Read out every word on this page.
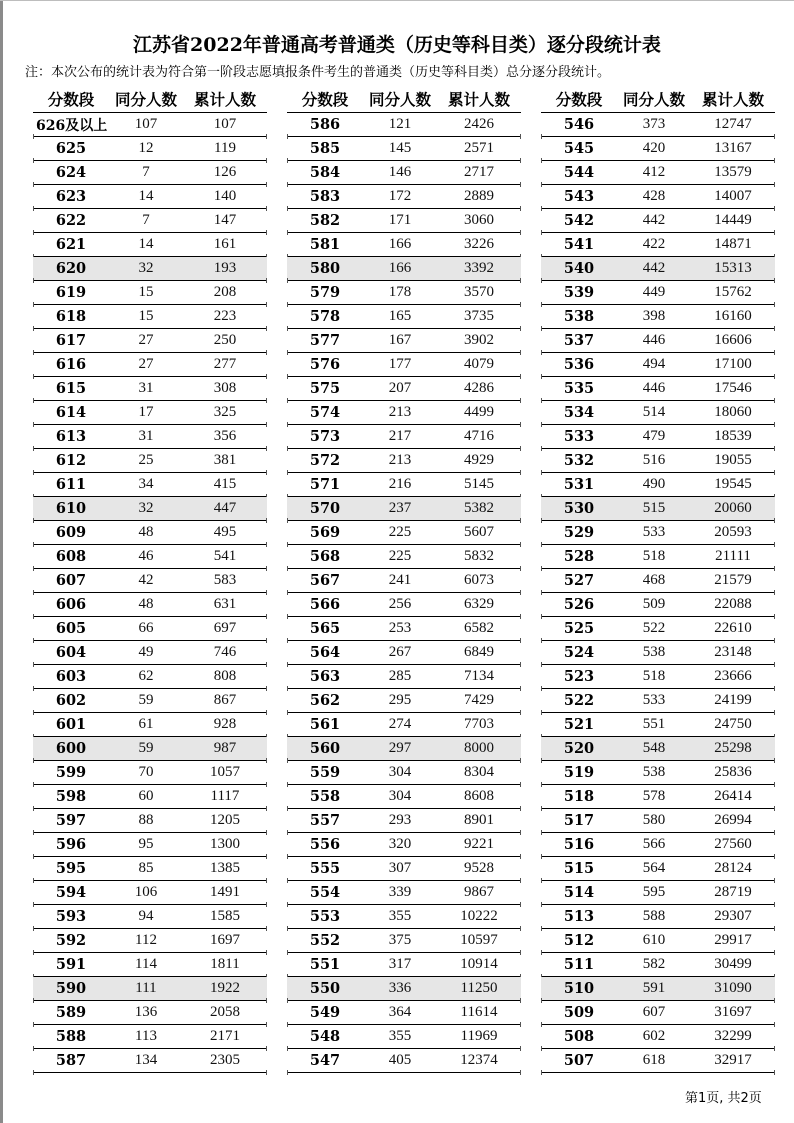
江苏省2022年普通高考普通类（历史等科目类）逐分段统计表
注：本次公布的统计表为符合第一阶段志愿填报条件考生的普通类（历史等科目类）总分逐分段统计。
分数段	同分人数	累计人数
626及以上	107	107
625	12	119
624	7	126
623	14	140
622	7	147
621	14	161
620	32	193
619	15	208
618	15	223
617	27	250
616	27	277
615	31	308
614	17	325
613	31	356
612	25	381
611	34	415
610	32	447
609	48	495
608	46	541
607	42	583
606	48	631
605	66	697
604	49	746
603	62	808
602	59	867
601	61	928
600	59	987
599	70	1057
598	60	1117
597	88	1205
596	95	1300
595	85	1385
594	106	1491
593	94	1585
592	112	1697
591	114	1811
590	111	1922
589	136	2058
588	113	2171
587	134	2305
分数段	同分人数	累计人数
586	121	2426
585	145	2571
584	146	2717
583	172	2889
582	171	3060
581	166	3226
580	166	3392
579	178	3570
578	165	3735
577	167	3902
576	177	4079
575	207	4286
574	213	4499
573	217	4716
572	213	4929
571	216	5145
570	237	5382
569	225	5607
568	225	5832
567	241	6073
566	256	6329
565	253	6582
564	267	6849
563	285	7134
562	295	7429
561	274	7703
560	297	8000
559	304	8304
558	304	8608
557	293	8901
556	320	9221
555	307	9528
554	339	9867
553	355	10222
552	375	10597
551	317	10914
550	336	11250
549	364	11614
548	355	11969
547	405	12374
分数段	同分人数	累计人数
546	373	12747
545	420	13167
544	412	13579
543	428	14007
542	442	14449
541	422	14871
540	442	15313
539	449	15762
538	398	16160
537	446	16606
536	494	17100
535	446	17546
534	514	18060
533	479	18539
532	516	19055
531	490	19545
530	515	20060
529	533	20593
528	518	21111
527	468	21579
526	509	22088
525	522	22610
524	538	23148
523	518	23666
522	533	24199
521	551	24750
520	548	25298
519	538	25836
518	578	26414
517	580	26994
516	566	27560
515	564	28124
514	595	28719
513	588	29307
512	610	29917
511	582	30499
510	591	31090
509	607	31697
508	602	32299
507	618	32917
第1页, 共2页
